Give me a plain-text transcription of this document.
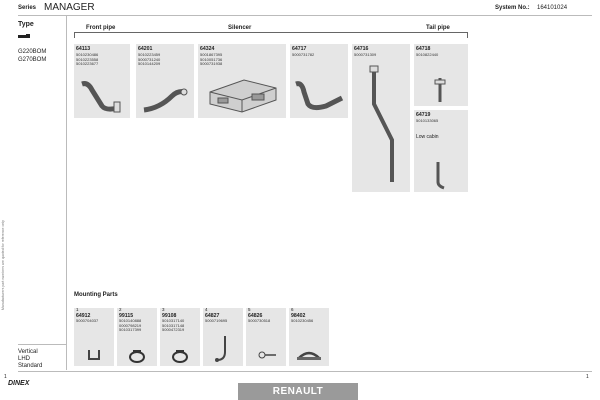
Series MANAGER	System No.: 164101024
Type
G220BOM
G270BOM
Manufacturers part numbers are quoted for reference only
Vertical
LHD
Standard
Front pipe	Silencer	Tail pipe
64113
5010230486
5010223558
5010223677
64201
5010223459
5000731240
5010144209
64324
5001867395
5010051736
5000731938
64717
5000731782
64716
5000731309
64718
5010822440
64719
5010133065
Low cabin
Mounting Parts
1
64912
5000704037
2
99115
5010140888
0000798219
5010317399
3
99108
5010317140
5010317148
5000472319
4
64827
5000719695
5
64826
5000730518
6
98402
5010230456
1	1
DINEX
RENAULT
